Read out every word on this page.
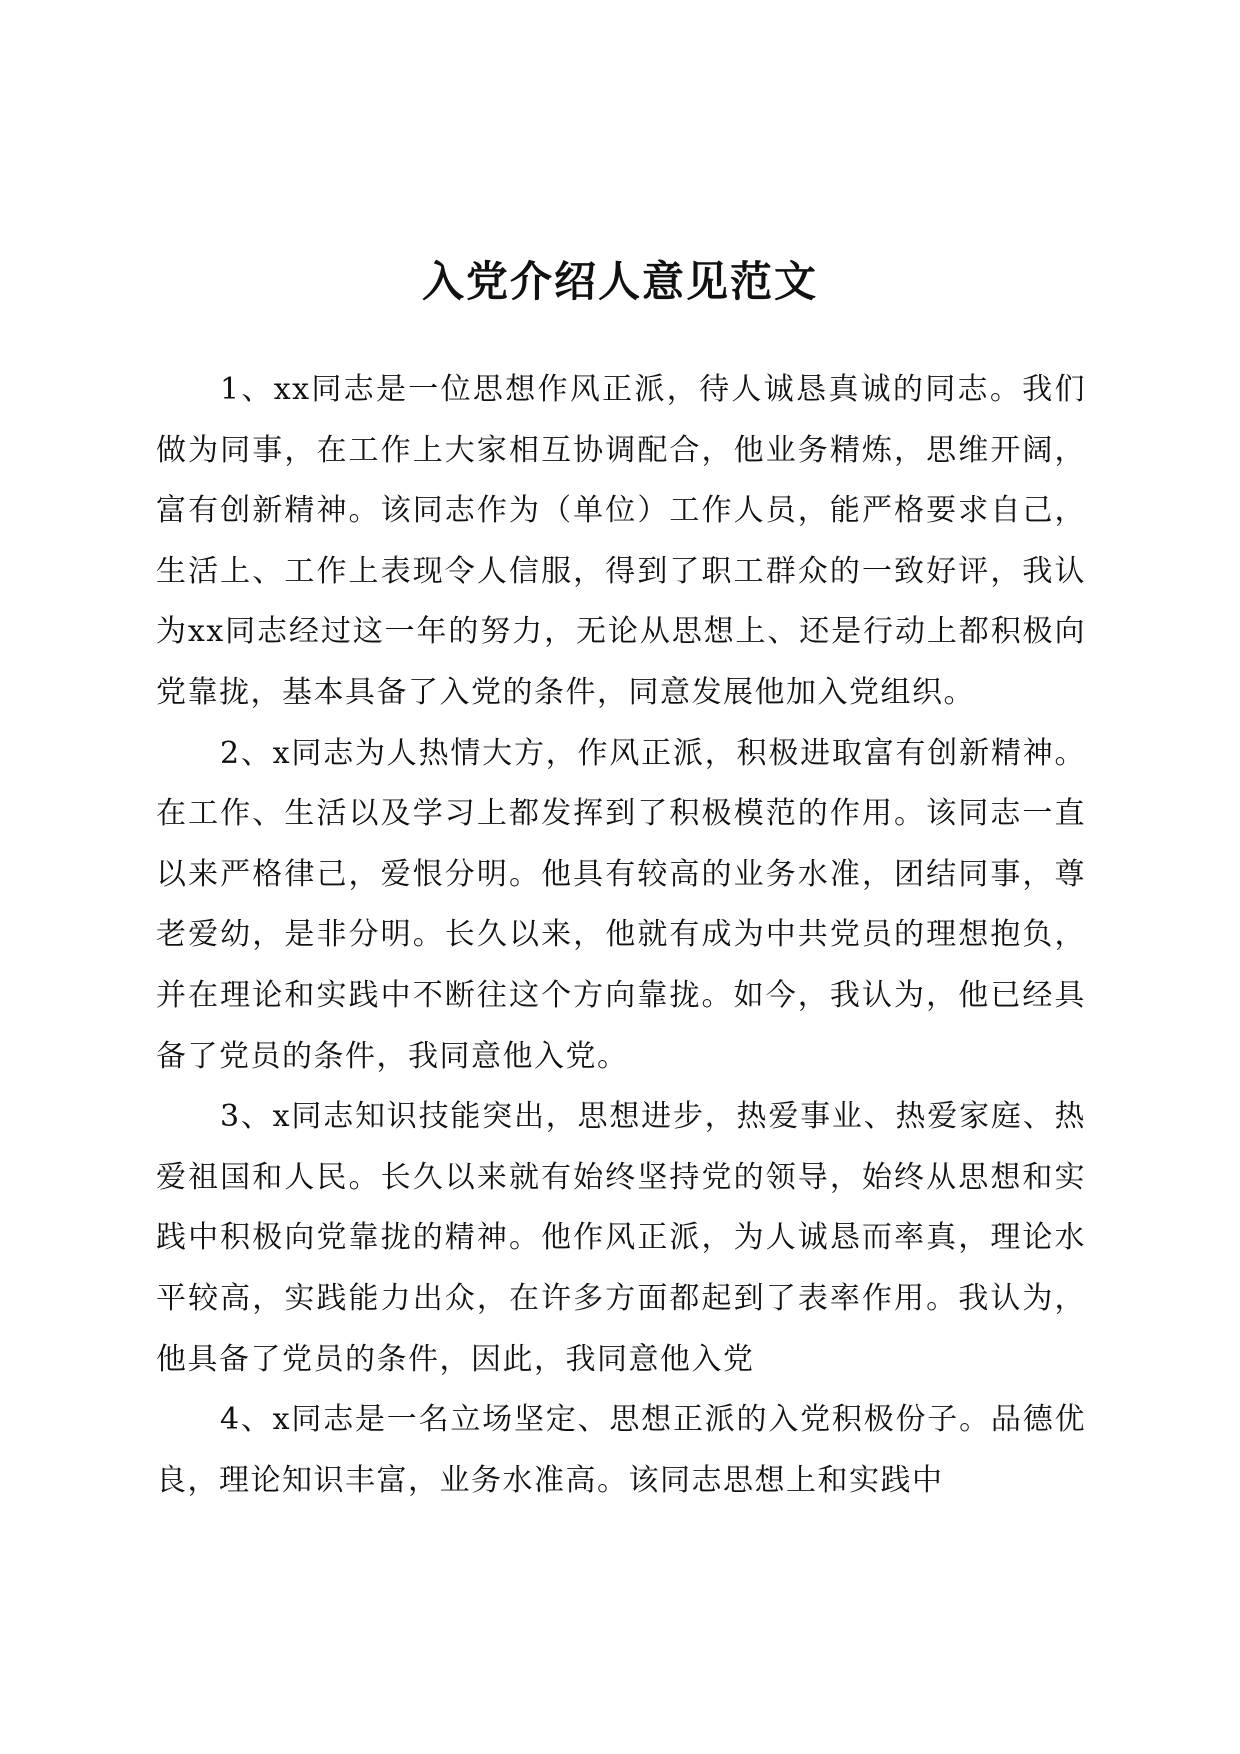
入党介绍人意见范文

1、xx同志是一位思想作风正派，待人诚恳真诚的同志。我们做为同事，在工作上大家相互协调配合，他业务精炼，思维开阔，富有创新精神。该同志作为（单位）工作人员，能严格要求自己，生活上、工作上表现令人信服，得到了职工群众的一致好评，我认为xx同志经过这一年的努力，无论从思想上、还是行动上都积极向党靠拢，基本具备了入党的条件，同意发展他加入党组织。

2、x同志为人热情大方，作风正派，积极进取富有创新精神。在工作、生活以及学习上都发挥到了积极模范的作用。该同志一直以来严格律己，爱恨分明。他具有较高的业务水准，团结同事，尊老爱幼，是非分明。长久以来，他就有成为中共党员的理想抱负，并在理论和实践中不断往这个方向靠拢。如今，我认为，他已经具备了党员的条件，我同意他入党。

3、x同志知识技能突出，思想进步，热爱事业、热爱家庭、热爱祖国和人民。长久以来就有始终坚持党的领导，始终从思想和实践中积极向党靠拢的精神。他作风正派，为人诚恳而率真，理论水平较高，实践能力出众，在许多方面都起到了表率作用。我认为，他具备了党员的条件，因此，我同意他入党

4、x同志是一名立场坚定、思想正派的入党积极份子。品德优良，理论知识丰富，业务水准高。该同志思想上和实践中
